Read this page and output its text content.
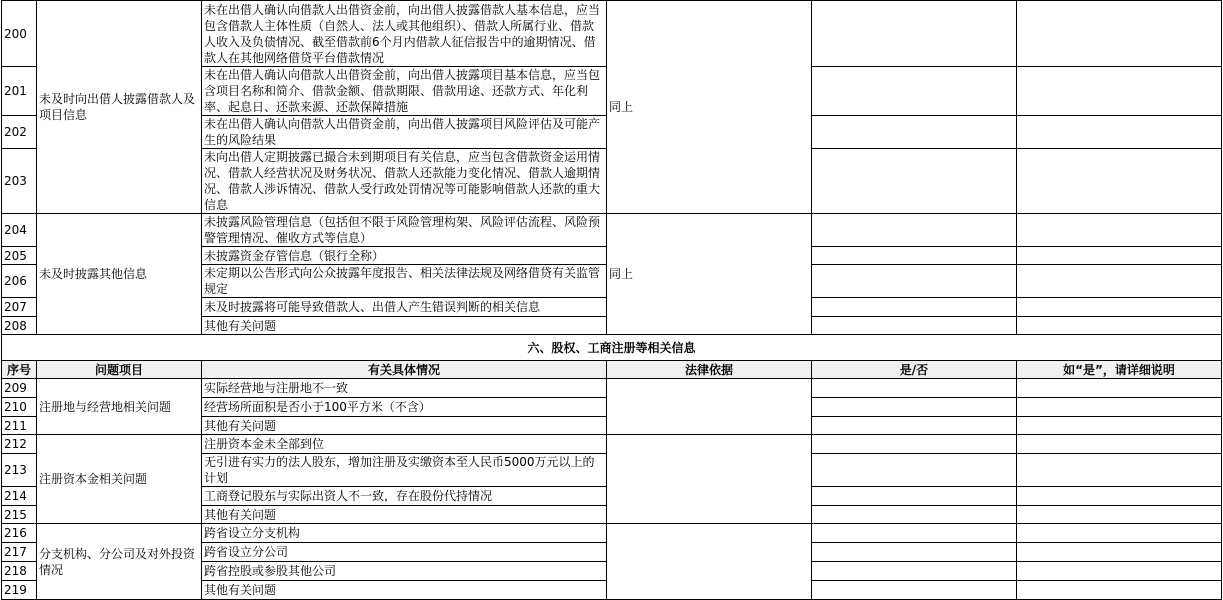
200	未及时向出借人披露借款人及项目信息	未在出借人确认向借款人出借资金前，向出借人披露借款人基本信息，应当包含借款人主体性质（自然人、法人或其他组织）、借款人所属行业、借款人收入及负债情况、截至借款前6个月内借款人征信报告中的逾期情况、借款人在其他网络借贷平台借款情况	同上		
201		未在出借人确认向借款人出借资金前，向出借人披露项目基本信息，应当包含项目名称和简介、借款金额、借款期限、借款用途、还款方式、年化利率、起息日、还款来源、还款保障措施			
202		未在出借人确认向借款人出借资金前，向出借人披露项目风险评估及可能产生的风险结果			
203		未向出借人定期披露已撮合未到期项目有关信息，应当包含借款资金运用情况、借款人经营状况及财务状况、借款人还款能力变化情况、借款人逾期情况、借款人涉诉情况、借款人受行政处罚情况等可能影响借款人还款的重大信息			
204	未及时披露其他信息	未披露风险管理信息（包括但不限于风险管理构架、风险评估流程、风险预警管理情况、催收方式等信息）	同上		
205		未披露资金存管信息（银行全称）			
206		未定期以公告形式向公众披露年度报告、相关法律法规及网络借贷有关监管规定			
207		未及时披露将可能导致借款人、出借人产生错误判断的相关信息			
208		其他有关问题			
六、股权、工商注册等相关信息					
序号	问题项目	有关具体情况	法律依据	是/否	如“是”，请详细说明
209	注册地与经营地相关问题	实际经营地与注册地不一致			
210		经营场所面积是否小于100平方米（不含）			
211		其他有关问题			
212	注册资本金相关问题	注册资本金未全部到位			
213		无引进有实力的法人股东，增加注册及实缴资本至人民币5000万元以上的计划			
214		工商登记股东与实际出资人不一致，存在股份代持情况			
215		其他有关问题			
216	分支机构、分公司及对外投资情况	跨省设立分支机构			
217		跨省设立分公司			
218		跨省控股或参股其他公司			
219		其他有关问题			
